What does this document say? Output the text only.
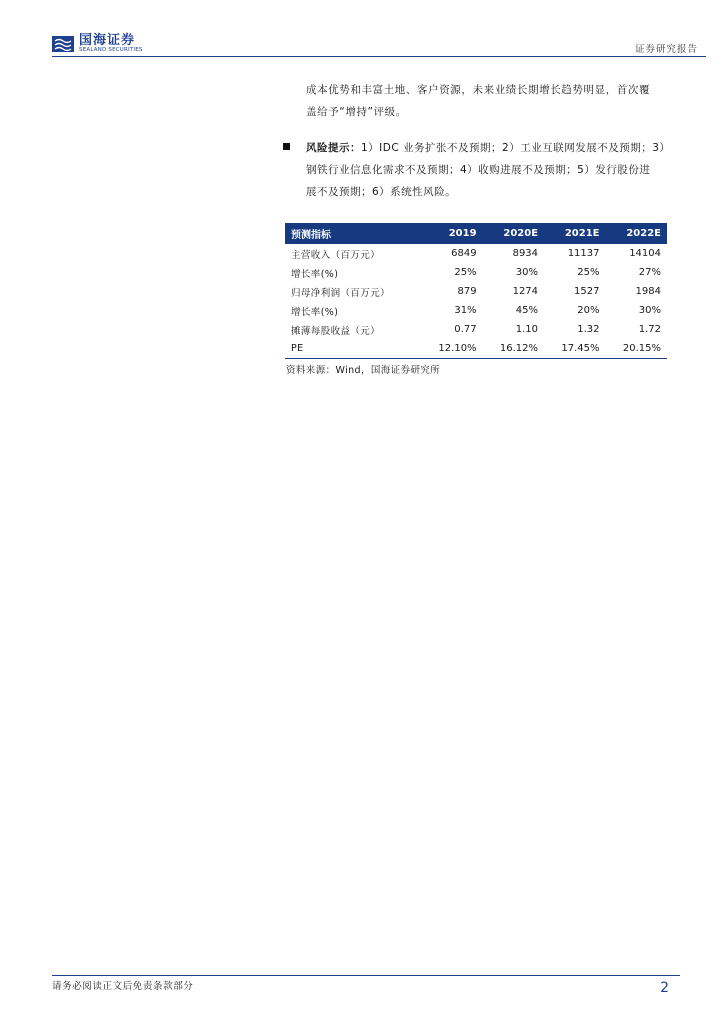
国海证券
SEALAND SECURITIES	证券研究报告
成本优势和丰富土地、客户资源，未来业绩长期增长趋势明显，首次覆
盖给予“增持”评级。
风险提示：1）IDC 业务扩张不及预期；2）工业互联网发展不及预期；3）
钢铁行业信息化需求不及预期；4）收购进展不及预期；5）发行股份进
展不及预期；6）系统性风险。
预测指标	2019	2020E	2021E	2022E
主营收入（百万元）	6849	8934	11137	14104
增长率(%)	25%	30%	25%	27%
归母净利润（百万元）	879	1274	1527	1984
增长率(%)	31%	45%	20%	30%
摊薄每股收益（元）	0.77	1.10	1.32	1.72
PE	12.10%	16.12%	17.45%	20.15%
资料来源：Wind，国海证券研究所
请务必阅读正文后免责条款部分	2
